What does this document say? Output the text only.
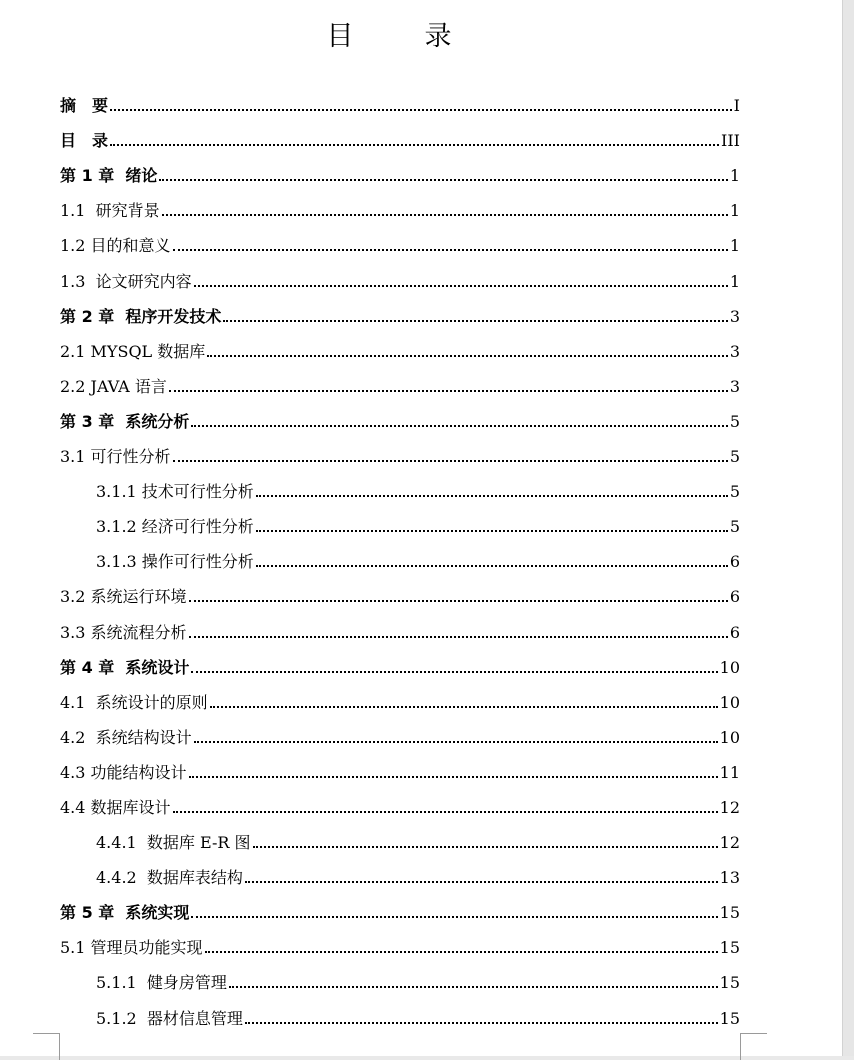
目　录
摘　要	I
目　录	III
第 1 章  绪论	1
1.1  研究背景	1
1.2 目的和意义	1
1.3  论文研究内容	1
第 2 章  程序开发技术	3
2.1 MYSQL 数据库	3
2.2 JAVA 语言	3
第 3 章  系统分析	5
3.1 可行性分析	5
3.1.1 技术可行性分析	5
3.1.2 经济可行性分析	5
3.1.3 操作可行性分析	6
3.2 系统运行环境	6
3.3 系统流程分析	6
第 4 章  系统设计	10
4.1  系统设计的原则	10
4.2  系统结构设计	10
4.3 功能结构设计	11
4.4 数据库设计	12
4.4.1  数据库 E-R 图	12
4.4.2  数据库表结构	13
第 5 章  系统实现	15
5.1 管理员功能实现	15
5.1.1  健身房管理	15
5.1.2  器材信息管理	15
